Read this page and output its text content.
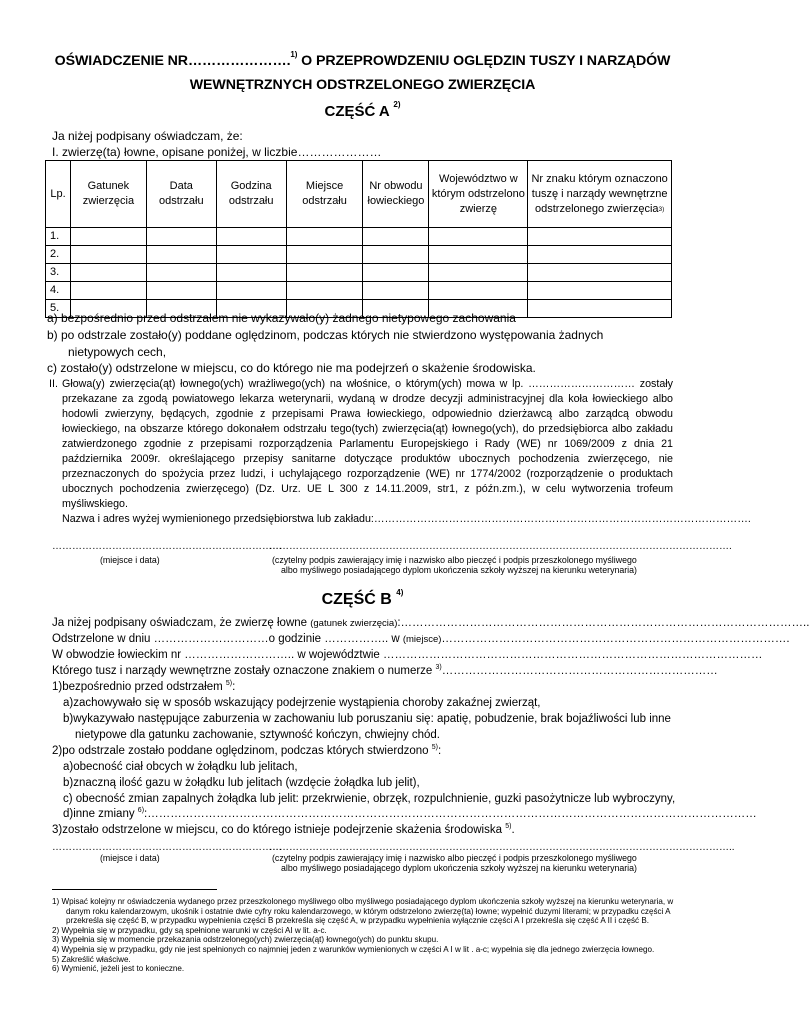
OŚWIADCZENIE NR………………….$^{1)}$ O PRZEPROWDZENIU OGLĘDZIN TUSZY I NARZĄDÓW
WEWNĘTRZNYCH ODSTRZELONEGO ZWIERZĘCIA
CZĘŚĆ A $^{2)}$
Ja niżej podpisany oświadczam, że:
I. zwierzę(ta) łowne, opisane poniżej, w liczbie…………………
Lp.	Gatunek zwierzęcia	Data odstrzału	Godzina odstrzału	Miejsce odstrzału	Nr obwodu łowieckiego	Województwo w którym odstrzelono zwierzę	Nr znaku którym oznaczono tuszę i narządy wewnętrzne odstrzelonego zwierzęcia$^{3)}$
1.							
2.							
3.							
4.							
5.							
a) bezpośrednio przed odstrzałem nie wykazywało(y) żadnego nietypowego zachowania
b) po odstrzale zostało(y) poddane oględzinom, podczas których nie stwierdzono występowania żadnych
nietypowych cech,
c) zostało(y) odstrzelone w miejscu, co do którego nie ma podejrzeń o skażenie środowiska.
II. Głowa(y) zwierzęcia(ąt) łownego(ych) wrażliwego(ych) na włośnice, o którym(ych) mowa w lp. ………………………… zostały przekazane za zgodą powiatowego lekarza weterynarii, wydaną w drodze decyzji administracyjnej dla koła łowieckiego albo hodowli zwierzyny, będących, zgodnie z przepisami Prawa łowieckiego, odpowiednio dzierżawcą albo zarządcą obwodu łowieckiego, na obszarze którego dokonałem odstrzału tego(tych) zwierzęcia(ąt) łownego(ych), do przedsiębiorca albo zakładu zatwierdzonego zgodnie z przepisami rozporządzenia Parlamentu Europejskiego i Rady (WE) nr 1069/2009 z dnia 21 października 2009r. określającego przepisy sanitarne dotyczące produktów ubocznych pochodzenia zwierzęcego, nie przeznaczonych do spożycia przez ludzi, i uchylającego rozporządzenie (WE) nr 1774/2002 (rozporządzenie o produktach ubocznych pochodzenia zwierzęcego) (Dz. Urz. UE L 300 z 14.11.2009, str1, z późn.zm.), w celu wytworzenia trofeum myśliwskiego.
Nazwa i adres wyżej wymienionego przedsiębiorstwa lub zakładu:…………………………………………………………………………………………….
……………………………………………………………
(miejsce i data)
………………………………………………………………………………………………………………………….
(czytelny podpis zawierający imię i nazwisko albo pieczęć i podpis przeszkolonego myśliwego
albo myśliwego posiadającego dyplom ukończenia szkoły wyższej na kierunku weterynaria)
CZĘŚĆ B $^{4)}$
Ja niżej podpisany oświadczam, że zwierzę łowne (gatunek zwierzęcia):……………………………………………………………………………………………..
Odstrzelone w dniu …………………………o godzinie …………….. w (miejsce)……………………………………………………………………………….
W obwodzie łowieckim nr ……………………….. w województwie ………………………………………………………………………………………
Którego tusz i narządy wewnętrzne zostały oznaczone znakiem o numerze $^{3)}$………………………………………………………………
1)bezpośrednio przed odstrzałem $^{5)}$:
a)zachowywało się w sposób wskazujący podejrzenie wystąpienia choroby zakaźnej zwierząt,
b)wykazywało następujące zaburzenia w zachowaniu lub poruszaniu się: apatię, pobudzenie, brak bojaźliwości lub inne
nietypowe dla gatunku zachowanie, sztywność kończyn, chwiejny chód.
2)po odstrzale zostało poddane oględzinom, podczas których stwierdzono $^{5)}$:
a)obecność ciał obcych w żołądku lub jelitach,
b)znaczną ilość gazu w żołądku lub jelitach (wzdęcie żołądka lub jelit),
c) obecność zmian zapalnych żołądka lub jelit: przekrwienie, obrzęk, rozpulchnienie, guzki pasożytnicze lub wybroczyny,
d)inne zmiany $^{6)}$:……………………………………………………………………………………………………………………………………………
3)zostało odstrzelone w miejscu, co do którego istnieje podejrzenie skażenia środowiska $^{5)}$.
……………………………………………………………
(miejsce i data)
…………………………………………………………………………………………………………………………..
(czytelny podpis zawierający imię i nazwisko albo pieczęć i podpis przeszkolonego myśliwego
albo myśliwego posiadającego dyplom ukończenia szkoły wyższej na kierunku weterynaria)
1) Wpisać kolejny nr oświadczenia wydanego przez przeszkolonego myśliwego olbo myśliwego posiadającego dyplom ukończenia szkoły wyższej na kierunku weterynaria, w danym roku kalendarzowym, ukośnik i ostatnie dwie cyfry roku kalendarzowego, w którym odstrzelono zwierzę(ta) łowne; wypełnić duzymi literami; w przypadku części A przekreśla się część B, w przypadku wypełnienia części B przekreśla się część A, w przypadku wypełnienia wyłącznie części A I przekreśla się część A II i część B.
2) Wypełnia się w przypadku, gdy są spełnione warunki w części AI w lit. a-c.
3) Wypełnia się w momencie przekazania odstrzelonego(ych) zwierzęcia(ąt) łownego(ych) do punktu skupu.
4) Wypełnia się w przypadku, gdy nie jest spełnionych co najmniej jeden z warunków wymienionych w części A I w lit . a-c; wypełnia się dla jednego zwierzęcia łownego.
5) Zakreślić właściwe.
6) Wymienić, jeżeli jest to konieczne.
